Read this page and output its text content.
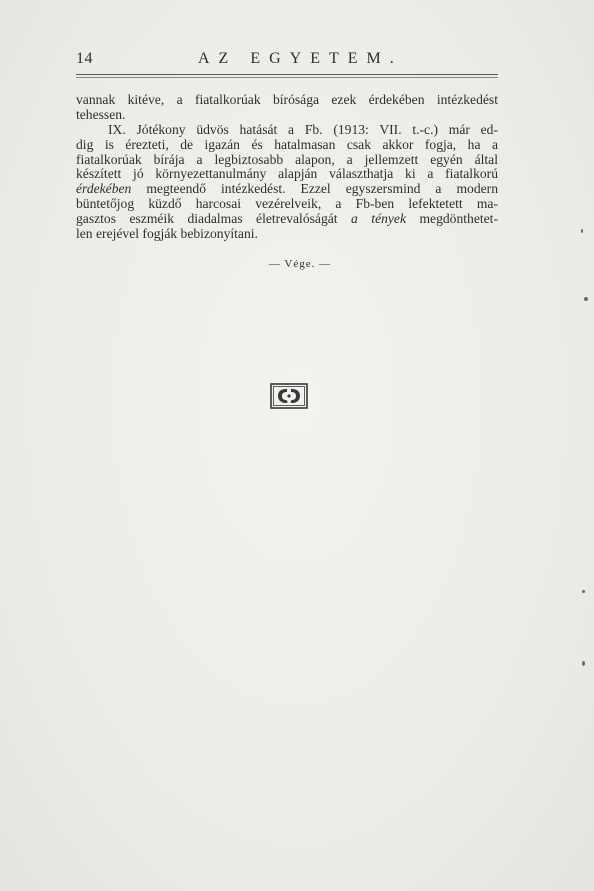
14	AZ EGYETEM.
vannak kitéve, a fiatalkorúak bírósága ezek érdekében intézkedést
tehessen.
IX. Jótékony üdvös hatását a Fb. (1913: VII. t.-c.) már ed-
dig is érezteti, de igazán és hatalmasan csak akkor fogja, ha a
fiatalkorúak bírája a legbiztosabb alapon, a jellemzett egyén által
készített jó környezettanulmány alapján választhatja ki a fiatalkorú
érdekében megteendő intézkedést. Ezzel egyszersmind a modern
büntetőjog küzdő harcosai vezérelveik, a Fb-ben lefektetett ma-
gasztos eszméik diadalmas életrevalóságát a tények megdönthetet-
len erejével fogják bebizonyítani.
— Vége. —
